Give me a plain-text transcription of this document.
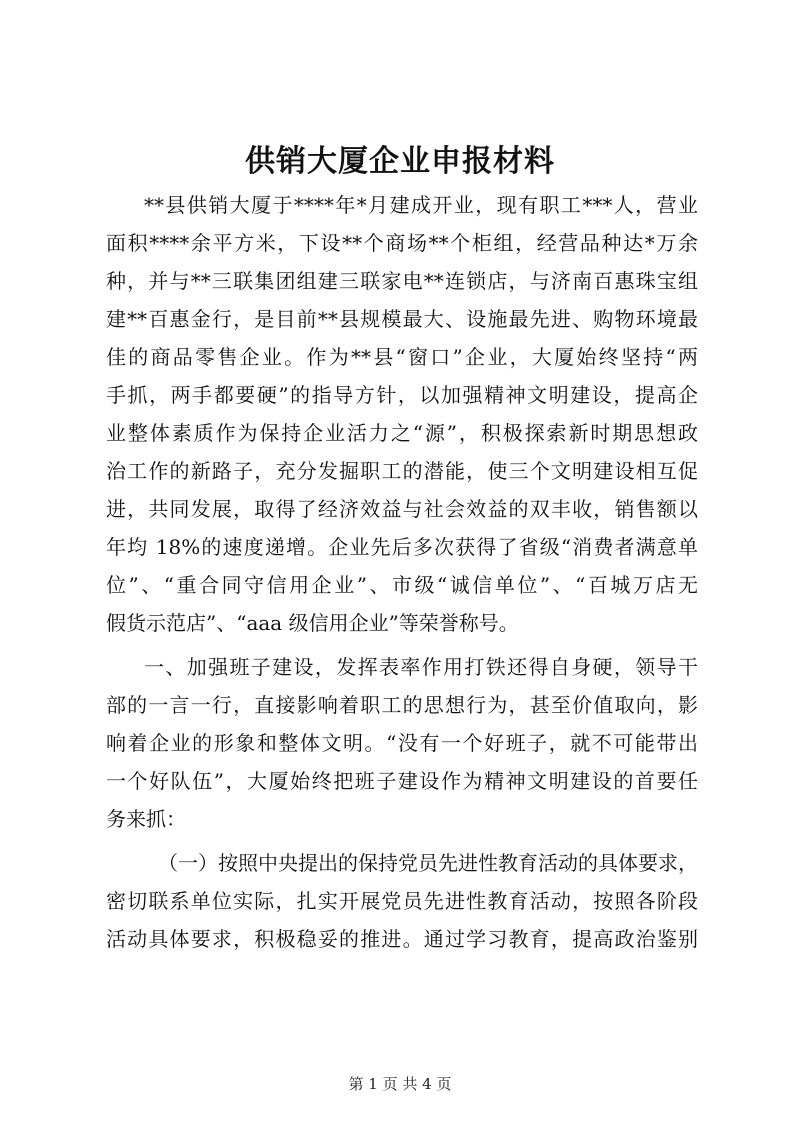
供销大厦企业申报材料
**县供销大厦于****年*月建成开业，现有职工***人，营业
面积****余平方米，下设**个商场**个柜组，经营品种达*万余
种，并与**三联集团组建三联家电**连锁店，与济南百惠珠宝组
建**百惠金行，是目前**县规模最大、设施最先进、购物环境最
佳的商品零售企业。作为**县“窗口”企业，大厦始终坚持“两
手抓，两手都要硬”的指导方针，以加强精神文明建设，提高企
业整体素质作为保持企业活力之“源”，积极探索新时期思想政
治工作的新路子，充分发掘职工的潜能，使三个文明建设相互促
进，共同发展，取得了经济效益与社会效益的双丰收，销售额以
年均 18%的速度递增。企业先后多次获得了省级“消费者满意单
位”、“重合同守信用企业”、市级“诚信单位”、“百城万店无
假货示范店”、“aaa 级信用企业”等荣誉称号。
一、加强班子建设，发挥表率作用打铁还得自身硬，领导干
部的一言一行，直接影响着职工的思想行为，甚至价值取向，影
响着企业的形象和整体文明。“没有一个好班子，就不可能带出
一个好队伍”，大厦始终把班子建设作为精神文明建设的首要任
务来抓：
（一）按照中央提出的保持党员先进性教育活动的具体要求，
密切联系单位实际，扎实开展党员先进性教育活动，按照各阶段
活动具体要求，积极稳妥的推进。通过学习教育，提高政治鉴别
第 1 页 共 4 页
